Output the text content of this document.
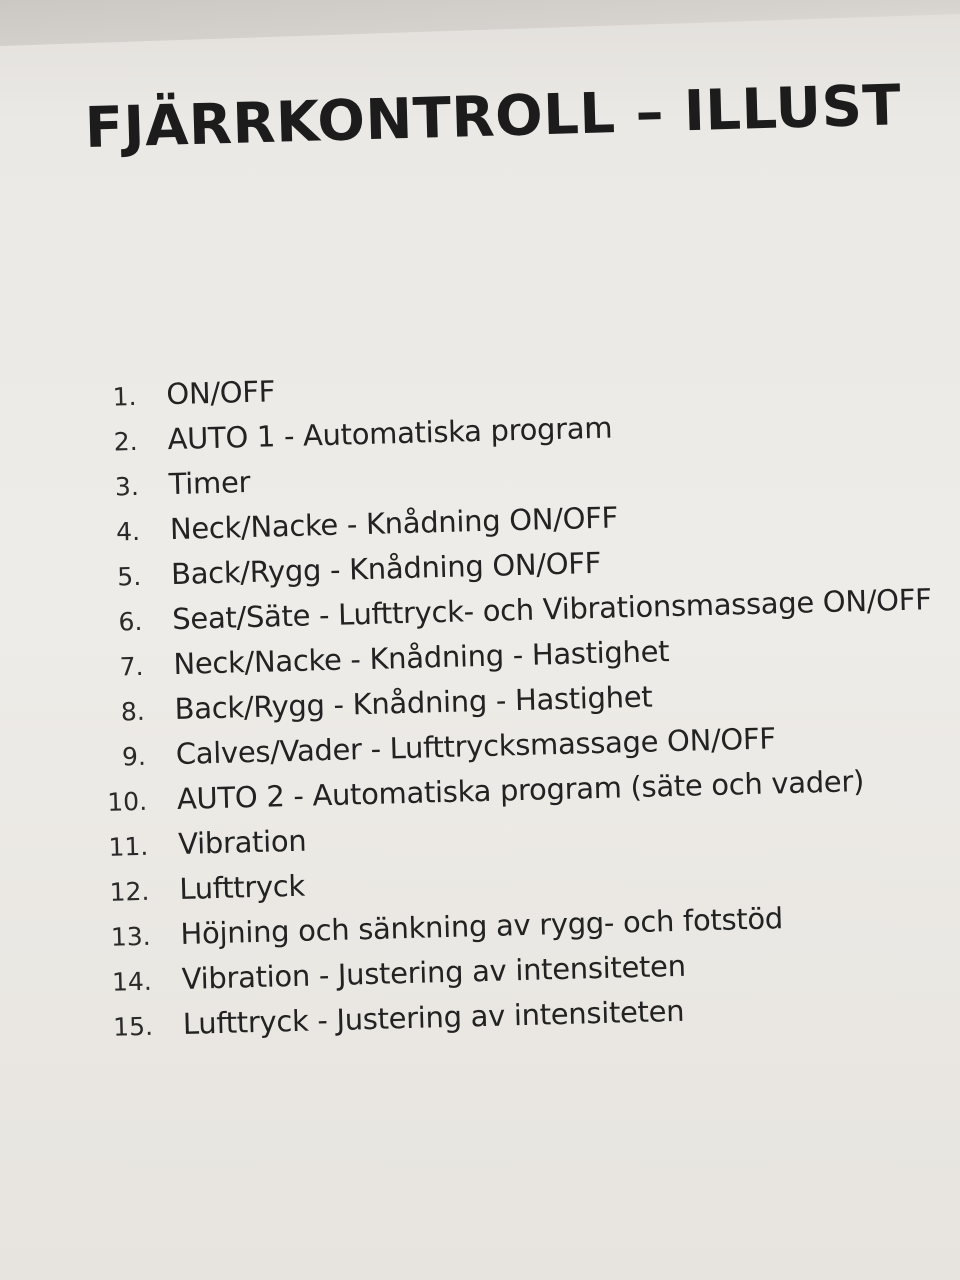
FJÄRRKONTROLL – ILLUST
1. ON/OFF
2. AUTO 1 - Automatiska program
3. Timer
4. Neck/Nacke - Knådning ON/OFF
5. Back/Rygg - Knådning ON/OFF
6. Seat/Säte - Lufttryck- och Vibrationsmassage ON/OFF
7. Neck/Nacke - Knådning - Hastighet
8. Back/Rygg - Knådning - Hastighet
9. Calves/Vader - Lufttrycksmassage ON/OFF
10. AUTO 2 - Automatiska program (säte och vader)
11. Vibration
12. Lufttryck
13. Höjning och sänkning av rygg- och fotstöd
14. Vibration - Justering av intensiteten
15. Lufttryck - Justering av intensiteten
